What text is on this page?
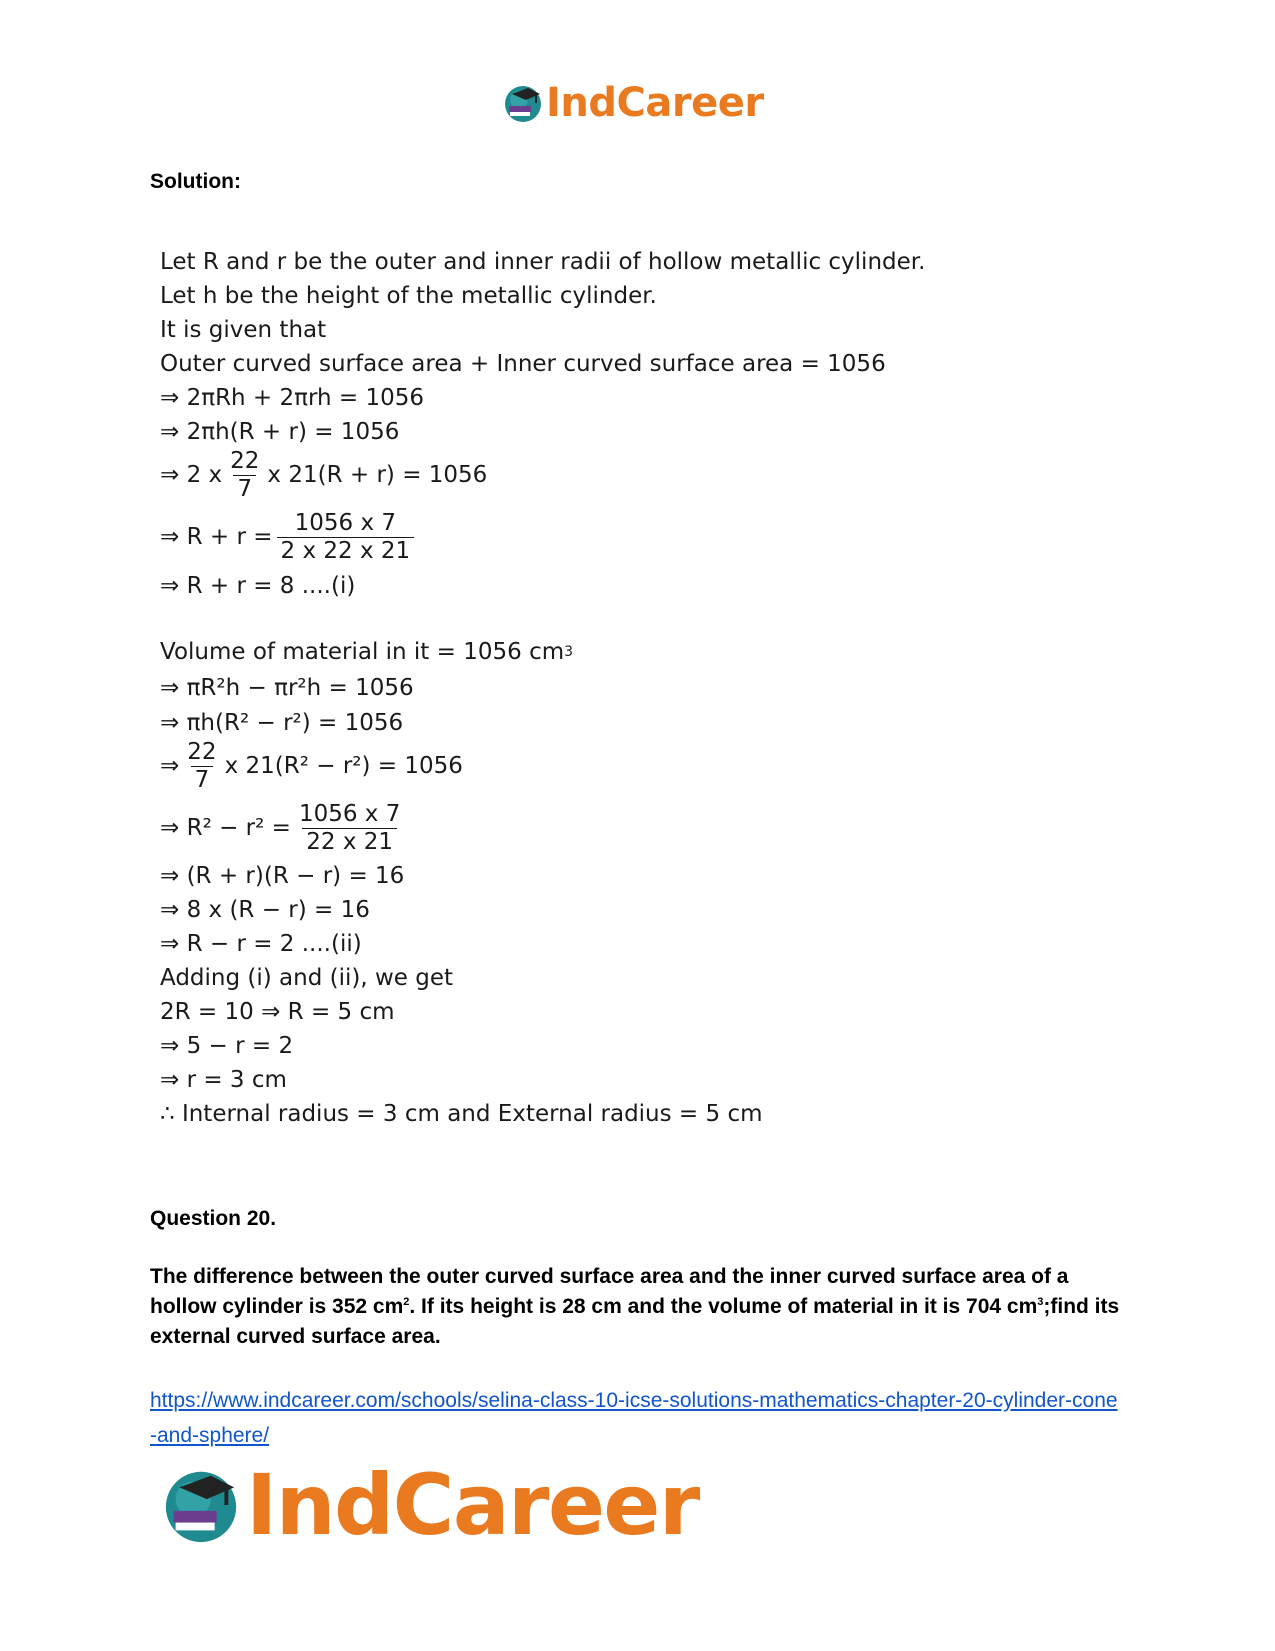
IndCareer
Solution:
Let R and r be the outer and inner radii of hollow metallic cylinder.
Let h be the height of the metallic cylinder.
It is given that
Outer curved surface area + Inner curved surface area = 1056
⇒ 2πRh + 2πrh = 1056
⇒ 2πh(R + r) = 1056
⇒ 2 x $\frac{22}{7}$ x 21(R + r) = 1056
⇒ $R + r = \frac{1056 x 7}{2 x 22 x 21}$
⇒ R + r = 8 ....(i)
Volume of material in it = 1056 cm 3
⇒ πR²h − πr²h = 1056
⇒ πh(R² − r²) = 1056
⇒ $\frac{22}{7}$ x 21(R² − r²) = 1056
⇒ $R^2 - r^2 = \frac{1056 x 7}{22 x 21}$
⇒ (R + r)(R − r) = 16
⇒ 8 x (R − r) = 16
⇒ R − r = 2 ....(ii)
Adding (i) and (ii), we get
2R = 10 ⇒ R = 5 cm
⇒ 5 − r = 2
⇒ r = 3 cm
∴ Internal radius = 3 cm and External radius = 5 cm
Question 20.
The difference between the outer curved surface area and the inner curved surface area of a hollow cylinder is 352 $cm^2$. If its height is 28 cm and the volume of material in it is 704 $cm^3;find$ its external curved surface area.
https://www.indcareer.com/schools/selina-class-10-icse-solutions-mathematics-chapter-20-cylinder-cone-and-sphere/
IndCareer
